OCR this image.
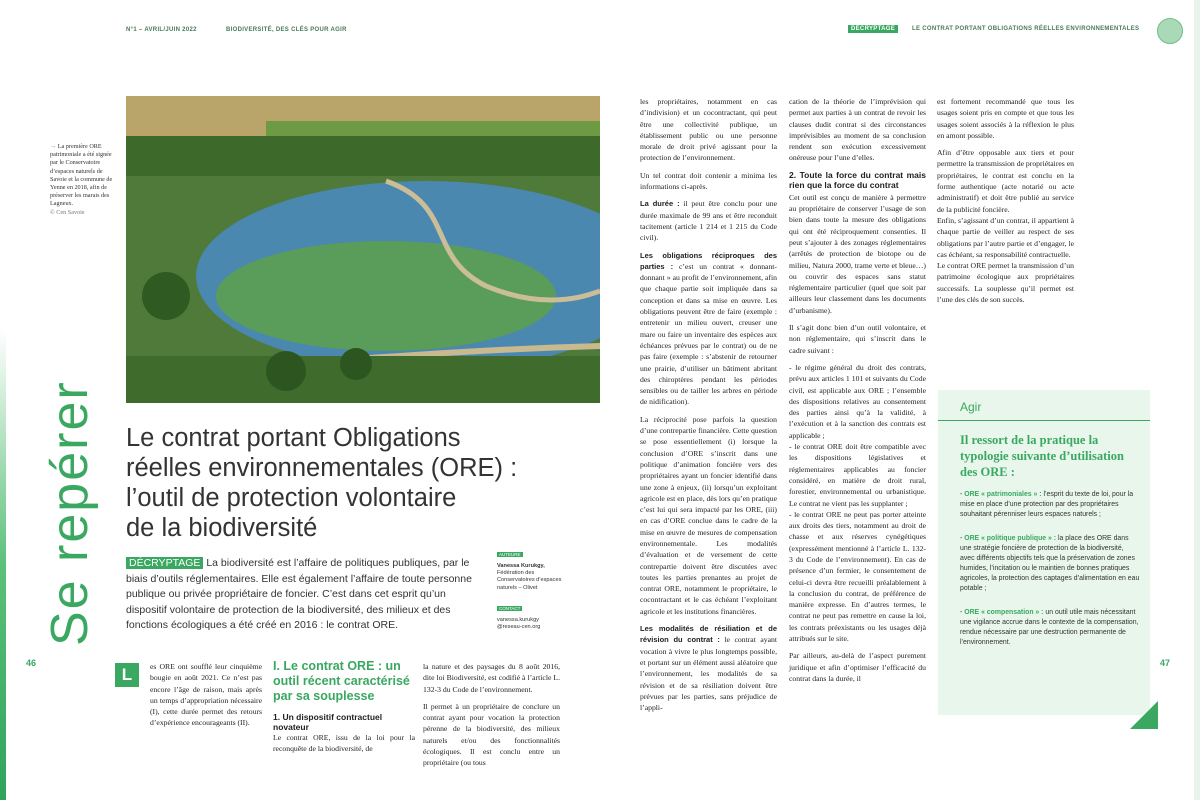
N°1 – AVRIL/JUIN 2022	BIODIVERSITÉ, DES CLÉS POUR AGIR	DÉCRYPTAGE	LE CONTRAT PORTANT OBLIGATIONS RÉELLES ENVIRONNEMENTALES
→ La première ORE patrimoniale a été signée par le Conservatoire d’espaces naturels de Savoie et la commune de Yenne en 2018, afin de préserver les marais des Lagneux.
© Cen Savoie
Se repérer Le contrat portant Obligations
réelles environnementales (ORE) :
l’outil de protection volontaire
de la biodiversité
DÉCRYPTAGE La biodiversité est l’affaire de politiques publiques, par le biais d’outils réglementaires. Elle est également l’affaire de toute personne publique ou privée propriétaire de foncier. C’est dans cet esprit qu’un dispositif volontaire de protection de la biodiversité, des milieux et des fonctions écologiques a été créé en 2016 : le contrat ORE.
AUTEURE
Vanessa Kurukgy,
Fédération des Conservatoires d’espaces naturels – Olivet
CONTACT
vanessa.kurukgy @reseau-cen.org
46	47
L	es ORE ont soufflé leur cinquième bougie en août 2021. Ce n’est pas encore l’âge de raison, mais après un temps d’appropriation nécessaire (I), cette durée permet des retours d’expérience encourageants (II).
I. Le contrat ORE : un outil récent caractérisé par sa souplesse
1. Un dispositif contractuel novateur
Le contrat ORE, issu de la loi pour la reconquête de la biodiversité, de

la nature et des paysages du 8 août 2016, dite loi Biodiversité, est codifié à l’article L. 132-3 du Code de l’environnement.

Il permet à un propriétaire de conclure un contrat ayant pour vocation la protection pérenne de la biodiversité, des milieux naturels et/ou des fonctionnalités écologiques. Il est conclu entre un propriétaire (ou tous

les propriétaires, notamment en cas d’indivision) et un cocontractant, qui peut être une collectivité publique, un établissement public ou une personne morale de droit privé agissant pour la protection de l’environnement.

Un tel contrat doit contenir a minima les informations ci-après.

La durée : il peut être conclu pour une durée maximale de 99 ans et être reconduit tacitement (article 1 214 et 1 215 du Code civil).

Les obligations réciproques des parties : c’est un contrat « donnant-donnant » au profit de l’environnement, afin que chaque partie soit impliquée dans sa conception et dans sa mise en œuvre. Les obligations peuvent être de faire (exemple : entretenir un milieu ouvert, creuser une mare ou faire un inventaire des espèces aux échéances prévues par le contrat) ou de ne pas faire (exemple : s’abstenir de retourner une prairie, d’utiliser un bâtiment abritant des chiroptères pendant les périodes sensibles ou de tailler les arbres en période de nidification).

La réciprocité pose parfois la question d’une contrepartie financière. Cette question se pose essentiellement (i) lorsque la conclusion d’ORE s’inscrit dans une politique d’animation foncière vers des propriétaires ayant un foncier identifié dans une zone à enjeux, (ii) lorsqu’un exploitant agricole est en place, dès lors qu’en pratique c’est lui qui sera impacté par les ORE, (iii) en cas d’ORE conclue dans le cadre de la mise en œuvre de mesures de compensation environnementale. Les modalités d’évaluation et de versement de cette contrepartie doivent être discutées avec toutes les parties prenantes au projet de contrat ORE, notamment le propriétaire, le cocontractant et le cas échéant l’exploitant agricole et les institutions financières.

Les modalités de résiliation et de révision du contrat : le contrat ayant vocation à vivre le plus longtemps possible, et portant sur un élément aussi aléatoire que l’environnement, les modalités de sa révision et de sa résiliation doivent être prévues par les parties, sans préjudice de l’appli-

cation de la théorie de l’imprévision qui permet aux parties à un contrat de revoir les clauses dudit contrat si des circonstances imprévisibles au moment de sa conclusion rendent son exécution excessivement onéreuse pour l’une d’elles.

2. Toute la force du contrat mais rien que la force du contrat

Cet outil est conçu de manière à permettre au propriétaire de conserver l’usage de son bien dans toute la mesure des obligations qui ont été réciproquement consenties. Il peut s’ajouter à des zonages réglementaires (arrêtés de protection de biotope ou de milieu, Natura 2000, trame verte et bleue…) ou couvrir des espaces sans statut réglementaire particulier (quel que soit par ailleurs leur classement dans les documents d’urbanisme).

Il s’agit donc bien d’un outil volontaire, et non réglementaire, qui s’inscrit dans le cadre suivant :

- le régime général du droit des contrats, prévu aux articles 1 101 et suivants du Code civil, est applicable aux ORE ; l’ensemble des dispositions relatives au consentement des parties ainsi qu’à la validité, à l’exécution et à la sanction des contrats est applicable ;

- le contrat ORE doit être compatible avec les dispositions législatives et réglementaires applicables au foncier considéré, en matière de droit rural, forestier, environnemental ou urbanistique. Le contrat ne vient pas les supplanter ;

- le contrat ORE ne peut pas porter atteinte aux droits des tiers, notamment au droit de chasse et aux réserves cynégétiques (expressément mentionné à l’article L. 132-3 du Code de l’environnement). En cas de présence d’un fermier, le consentement de celui-ci devra être recueilli préalablement à la conclusion du contrat, de préférence de manière expresse. En d’autres termes, le contrat ne peut pas remettre en cause la loi, les contrats préexistants ou les usages déjà attribués sur le site.

Par ailleurs, au-delà de l’aspect purement juridique et afin d’optimiser l’efficacité du contrat dans la durée, il

est fortement recommandé que tous les usages soient pris en compte et que tous les usages soient associés à la réflexion le plus en amont possible.

Afin d’être opposable aux tiers et pour permettre la transmission de propriétaires en propriétaires, le contrat est conclu en la forme authentique (acte notarié ou acte administratif) et doit être publié au service de la publicité foncière.

Enfin, s’agissant d’un contrat, il appartient à chaque partie de veiller au respect de ses obligations par l’autre partie et d’engager, le cas échéant, sa responsabilité contractuelle.

Le contrat ORE permet la transmission d’un patrimoine écologique aux propriétaires successifs. La souplesse qu’il permet est l’une des clés de son succès.

Agir
Il ressort de la pratique la typologie suivante d’utilisation des ORE :
- ORE « patrimoniales » : l’esprit du texte de loi, pour la mise en place d’une protection par des propriétaires souhaitant pérenniser leurs espaces naturels ;
- ORE « politique publique » : la place des ORE dans une stratégie foncière de protection de la biodiversité, avec différents objectifs tels que la préservation de zones humides, l’incitation ou le maintien de bonnes pratiques agricoles, la protection des captages d’alimentation en eau potable ;
- ORE « compensation » : un outil utile mais nécessitant une vigilance accrue dans le contexte de la compensation, rendue nécessaire par une destruction permanente de l’environnement.
